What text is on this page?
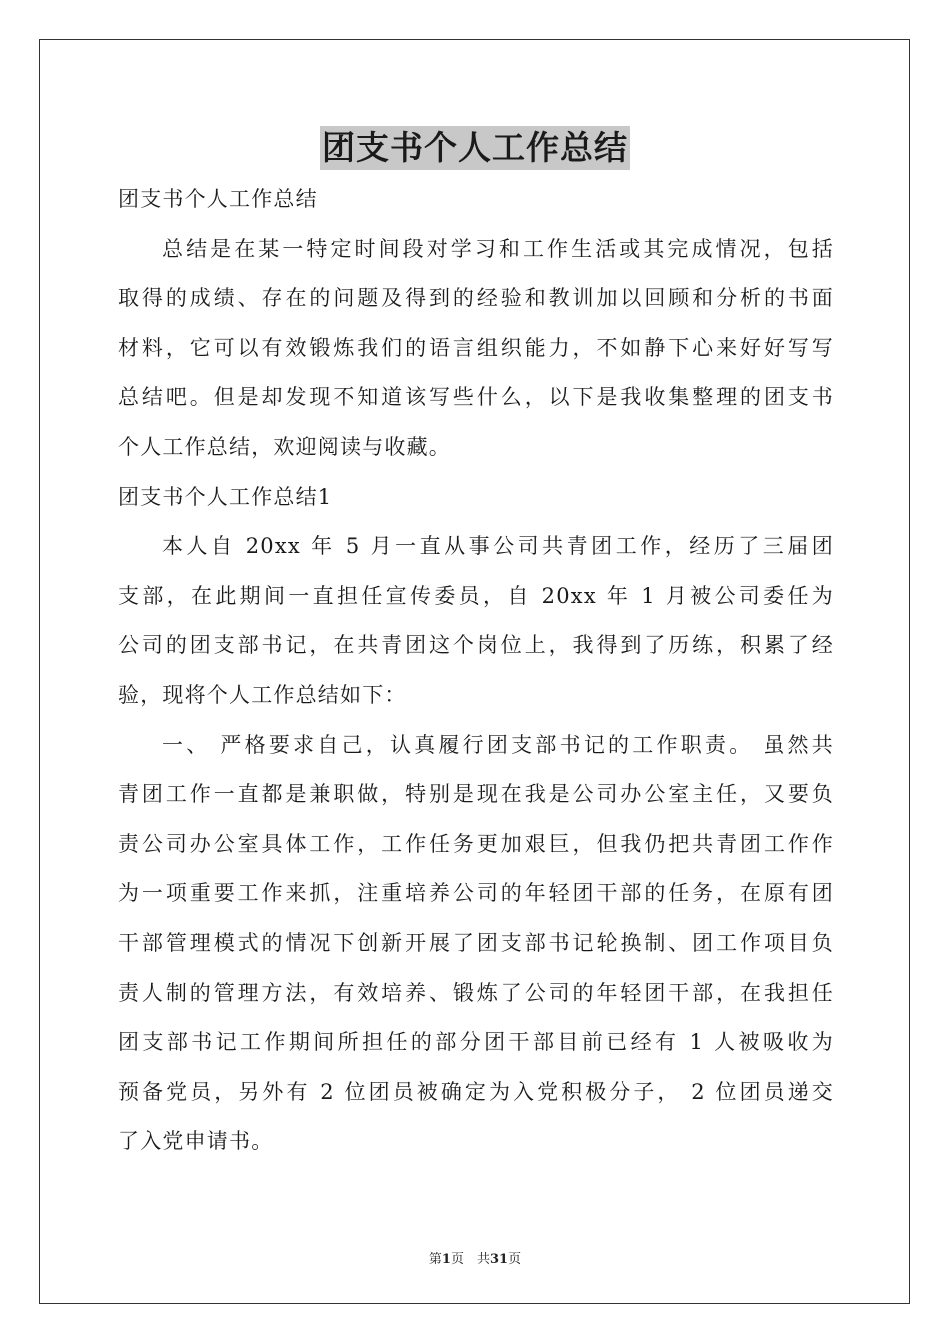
团支书个人工作总结
团支书个人工作总结
总结是在某一特定时间段对学习和工作生活或其完成情况，包括
取得的成绩、存在的问题及得到的经验和教训加以回顾和分析的书面
材料，它可以有效锻炼我们的语言组织能力，不如静下心来好好写写
总结吧。但是却发现不知道该写些什么，以下是我收集整理的团支书
个人工作总结，欢迎阅读与收藏。
团支书个人工作总结1
本人自 20xx 年 5 月一直从事公司共青团工作，经历了三届团
支部，在此期间一直担任宣传委员，自 20xx 年 1 月被公司委任为
公司的团支部书记，在共青团这个岗位上，我得到了历练，积累了经
验，现将个人工作总结如下：
一、 严格要求自己，认真履行团支部书记的工作职责。 虽然共
青团工作一直都是兼职做，特别是现在我是公司办公室主任，又要负
责公司办公室具体工作，工作任务更加艰巨，但我仍把共青团工作作
为一项重要工作来抓，注重培养公司的年轻团干部的任务，在原有团
干部管理模式的情况下创新开展了团支部书记轮换制、团工作项目负
责人制的管理方法，有效培养、锻炼了公司的年轻团干部，在我担任
团支部书记工作期间所担任的部分团干部目前已经有 1 人被吸收为
预备党员，另外有 2 位团员被确定为入党积极分子， 2 位团员递交
了入党申请书。
第1页　共31页
